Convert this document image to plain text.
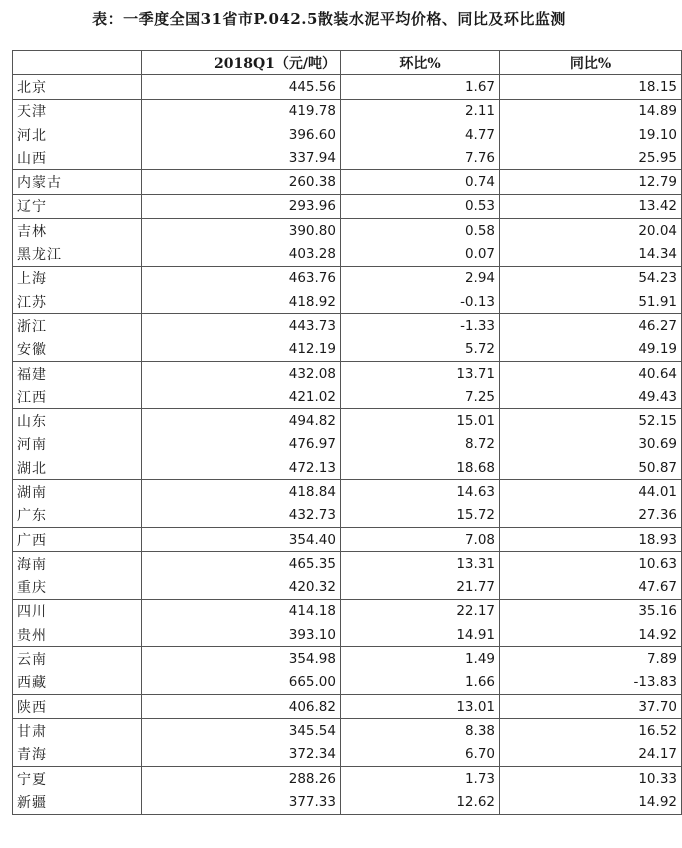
表：一季度全国31省市P.042.5散装水泥平均价格、同比及环比监测
	2018Q1（元/吨）	环比%	同比%
北京	445.56	1.67	18.15
天津	419.78	2.11	14.89
河北	396.60	4.77	19.10
山西	337.94	7.76	25.95
内蒙古	260.38	0.74	12.79
辽宁	293.96	0.53	13.42
吉林	390.80	0.58	20.04
黑龙江	403.28	0.07	14.34
上海	463.76	2.94	54.23
江苏	418.92	-0.13	51.91
浙江	443.73	-1.33	46.27
安徽	412.19	5.72	49.19
福建	432.08	13.71	40.64
江西	421.02	7.25	49.43
山东	494.82	15.01	52.15
河南	476.97	8.72	30.69
湖北	472.13	18.68	50.87
湖南	418.84	14.63	44.01
广东	432.73	15.72	27.36
广西	354.40	7.08	18.93
海南	465.35	13.31	10.63
重庆	420.32	21.77	47.67
四川	414.18	22.17	35.16
贵州	393.10	14.91	14.92
云南	354.98	1.49	7.89
西藏	665.00	1.66	-13.83
陕西	406.82	13.01	37.70
甘肃	345.54	8.38	16.52
青海	372.34	6.70	24.17
宁夏	288.26	1.73	10.33
新疆	377.33	12.62	14.92
